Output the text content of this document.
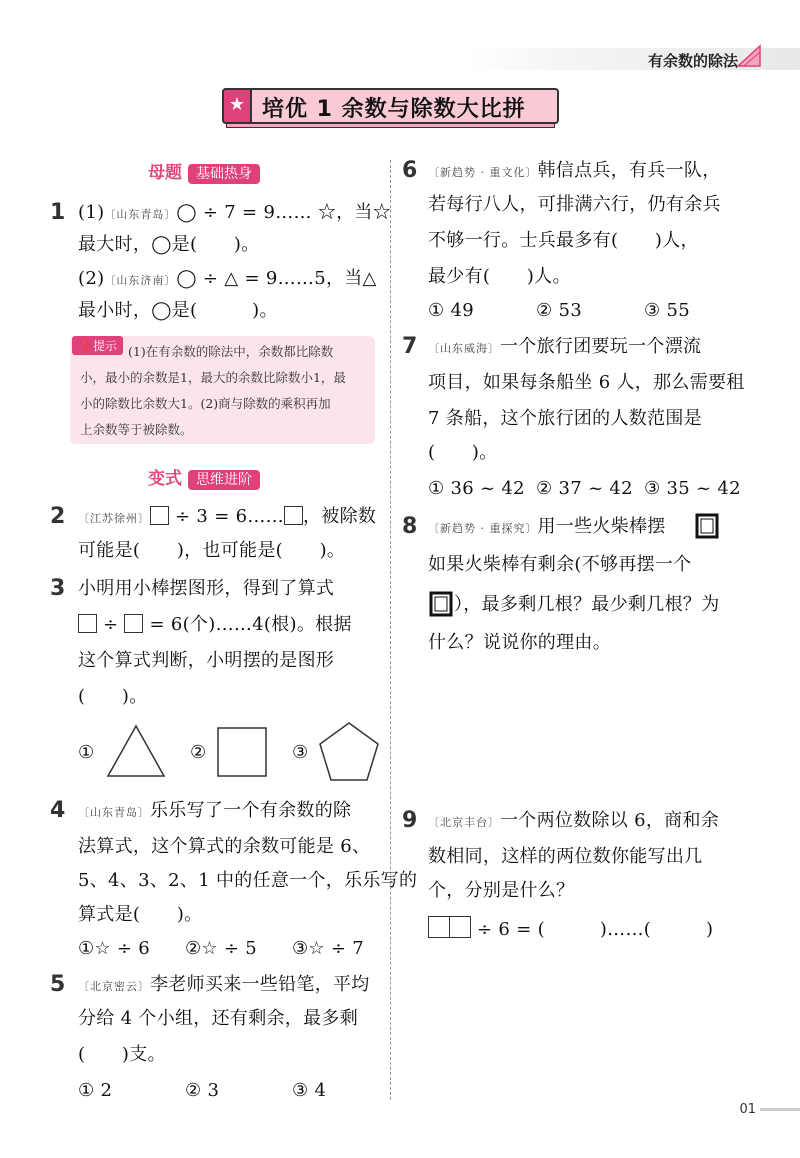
有余数的除法
★ 培优 1 余数与除数大比拼
母题 基础热身
1 (1)〔山东青岛〕◯ ÷ 7 = 9…… ☆，当☆
最大时，◯是(　　)。
(2)〔山东济南〕◯ ÷ △ = 9……5，当△
最小时，◯是(　　　)。
❗提示 (1)在有余数的除法中，余数都比除数
小，最小的余数是1，最大的余数比除数小1，最
小的除数比余数大1。(2)商与除数的乘积再加
上余数等于被除数。
变式 思维进阶
2 〔江苏徐州〕 ÷ 3 = 6…… ，被除数
可能是(　　)，也可能是(　　)。
3 小明用小棒摆图形，得到了算式
÷ = 6(个)……4(根)。根据
这个算式判断，小明摆的是图形
(　　)。
①	②	③
4 〔山东青岛〕乐乐写了一个有余数的除
法算式，这个算式的余数可能是 6、
5、4、3、2、1 中的任意一个，乐乐写的
算式是(　　)。
①☆ ÷ 6 ②☆ ÷ 5 ③☆ ÷ 7
5 〔北京密云〕李老师买来一些铅笔，平均
分给 4 个小组，还有剩余，最多剩
(　　)支。
① 2	② 3	③ 4
6 〔新趋势 · 重文化〕韩信点兵，有兵一队，
若每行八人，可排满六行，仍有余兵
不够一行。士兵最多有(　　)人，
最少有(　　)人。
① 49	② 53	③ 55
7 〔山东威海〕一个旅行团要玩一个漂流
项目，如果每条船坐 6 人，那么需要租
7 条船，这个旅行团的人数范围是
(　　)。
① 36 ~ 42 ② 37 ~ 42 ③ 35 ~ 42
8 〔新趋势 · 重探究〕用一些火柴棒摆
如果火柴棒有剩余(不够再摆一个
），最多剩几根？最少剩几根？为
什么？说说你的理由。
9 〔北京丰台〕一个两位数除以 6，商和余
数相同，这样的两位数你能写出几
个，分别是什么？
÷ 6 = (　　　)……(　　　)
01
